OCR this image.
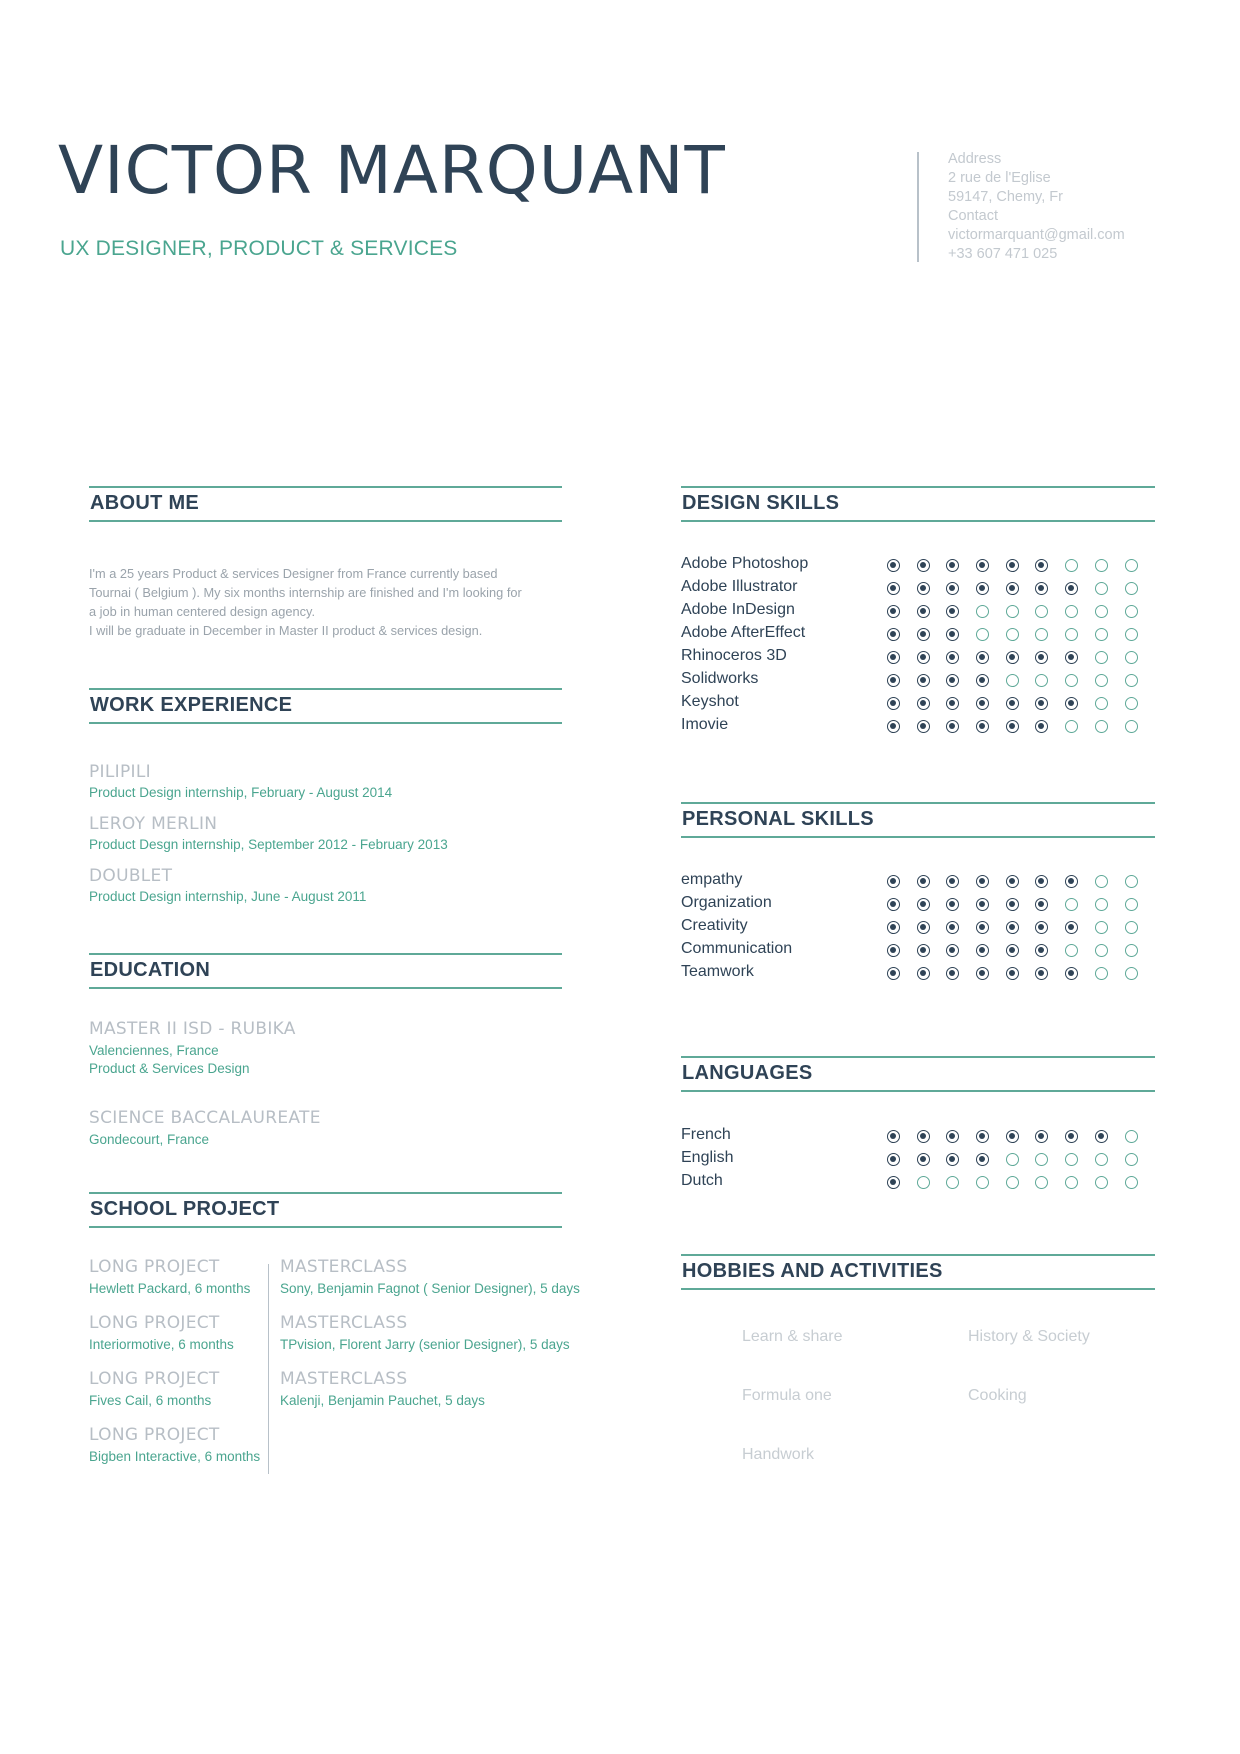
VICTOR MARQUANT
UX DESIGNER, PRODUCT & SERVICES
Address
2 rue de l'Eglise
59147, Chemy, Fr
Contact
victormarquant@gmail.com
+33 607 471 025
ABOUT ME
I'm a 25 years Product & services Designer from France currently based
Tournai ( Belgium ). My six months internship are finished and I'm looking for
a job in human centered design agency.
I will be graduate in December in Master II product & services design.
WORK EXPERIENCE
PILIPILI
Product Design internship, February - August 2014
LEROY MERLIN
Product Desgn internship, September 2012 - February 2013
DOUBLET
Product Design internship, June - August 2011
EDUCATION
MASTER II ISD - RUBIKA
Valenciennes, France
Product & Services Design
SCIENCE BACCALAUREATE
Gondecourt, France
SCHOOL PROJECT
LONG PROJECT
Hewlett Packard, 6 months
LONG PROJECT
Interiormotive, 6 months
LONG PROJECT
Fives Cail, 6 months
LONG PROJECT
Bigben Interactive, 6 months
MASTERCLASS
Sony, Benjamin Fagnot ( Senior Designer), 5 days
MASTERCLASS
TPvision, Florent Jarry (senior Designer), 5 days
MASTERCLASS
Kalenji, Benjamin Pauchet, 5 days
DESIGN SKILLS
Adobe Photoshop
Adobe Illustrator
Adobe InDesign
Adobe AfterEffect
Rhinoceros 3D
Solidworks
Keyshot
Imovie
PERSONAL SKILLS
empathy
Organization
Creativity
Communication
Teamwork
LANGUAGES
French
English
Dutch
HOBBIES AND ACTIVITIES
Learn & share	History & Society
Formula one	Cooking
Handwork
